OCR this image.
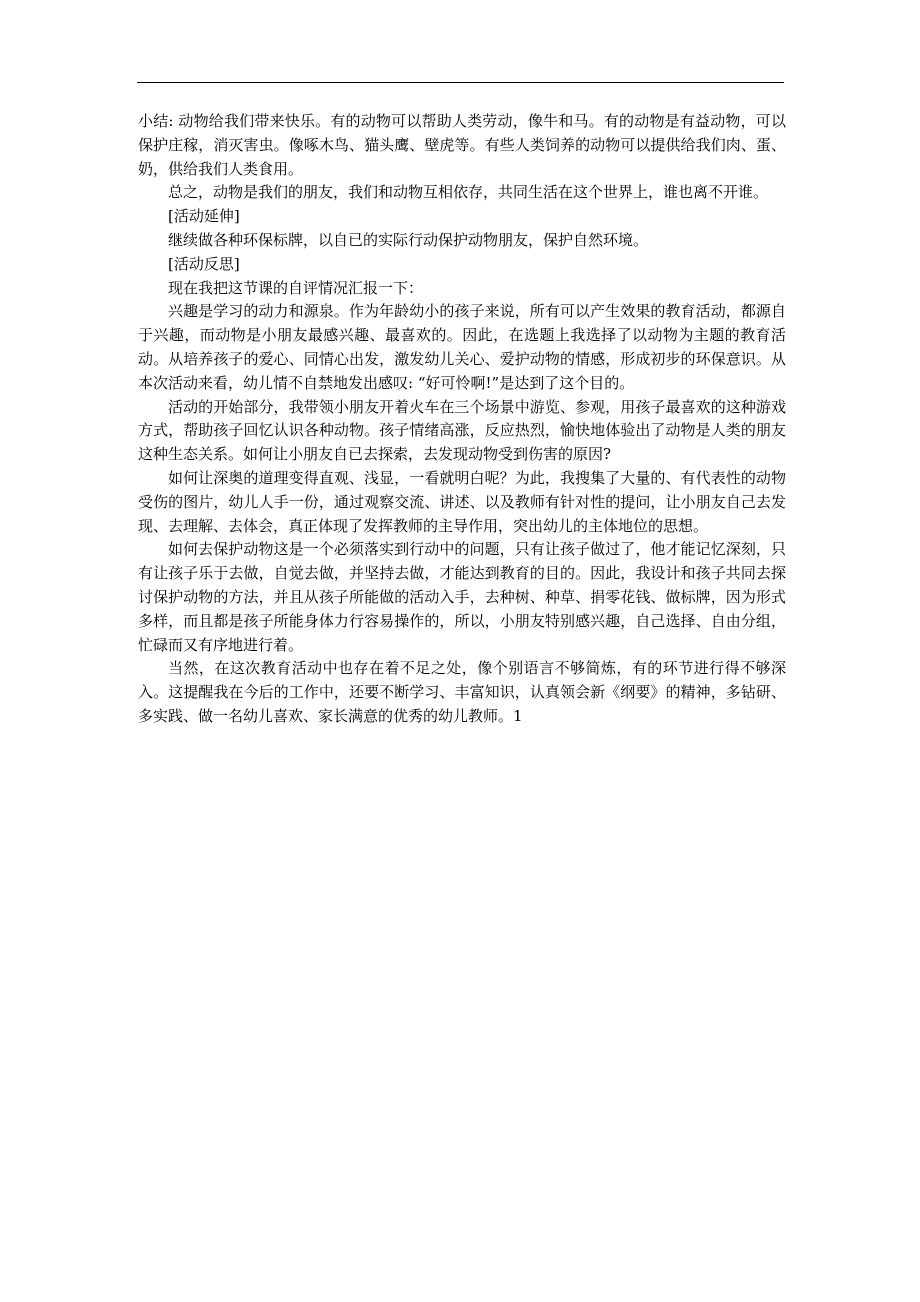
小结: 动物给我们带来快乐。有的动物可以帮助人类劳动，像牛和马。有的动物是有益动物，可以保护庄稼，消灭害虫。像啄木鸟、猫头鹰、壁虎等。有些人类饲养的动物可以提供给我们肉、蛋、奶，供给我们人类食用。

总之，动物是我们的朋友，我们和动物互相依存，共同生活在这个世界上，谁也离不开谁。

[活动延伸]

继续做各种环保标牌，以自已的实际行动保护动物朋友，保护自然环境。

[活动反思]

现在我把这节课的自评情况汇报一下：

兴趣是学习的动力和源泉。作为年龄幼小的孩子来说，所有可以产生效果的教育活动，都源自于兴趣，而动物是小朋友最感兴趣、最喜欢的。因此，在选题上我选择了以动物为主题的教育活动。从培养孩子的爱心、同情心出发，激发幼儿关心、爱护动物的情感，形成初步的环保意识。从本次活动来看，幼儿情不自禁地发出感叹: “好可怜啊!”是达到了这个目的。

活动的开始部分，我带领小朋友开着火车在三个场景中游览、参观，用孩子最喜欢的这种游戏方式，帮助孩子回忆认识各种动物。孩子情绪高涨，反应热烈，愉快地体验出了动物是人类的朋友这种生态关系。如何让小朋友自已去探索，去发现动物受到伤害的原因?

如何让深奥的道理变得直观、浅显，一看就明白呢？为此，我搜集了大量的、有代表性的动物受伤的图片，幼儿人手一份，通过观察交流、讲述、以及教师有针对性的提问，让小朋友自己去发现、去理解、去体会，真正体现了发挥教师的主导作用，突出幼儿的主体地位的思想。

如何去保护动物这是一个必须落实到行动中的问题，只有让孩子做过了，他才能记忆深刻，只有让孩子乐于去做，自觉去做，并坚持去做，才能达到教育的目的。因此，我设计和孩子共同去探讨保护动物的方法，并且从孩子所能做的活动入手，去种树、种草、捐零花钱、做标牌，因为形式多样，而且都是孩子所能身体力行容易操作的，所以，小朋友特别感兴趣，自己选择、自由分组，忙碌而又有序地进行着。

当然，在这次教育活动中也存在着不足之处，像个别语言不够简炼，有的环节进行得不够深入。这提醒我在今后的工作中，还要不断学习、丰富知识，认真领会新《纲要》的精神，多钻研、多实践、做一名幼儿喜欢、家长满意的优秀的幼儿教师。1
